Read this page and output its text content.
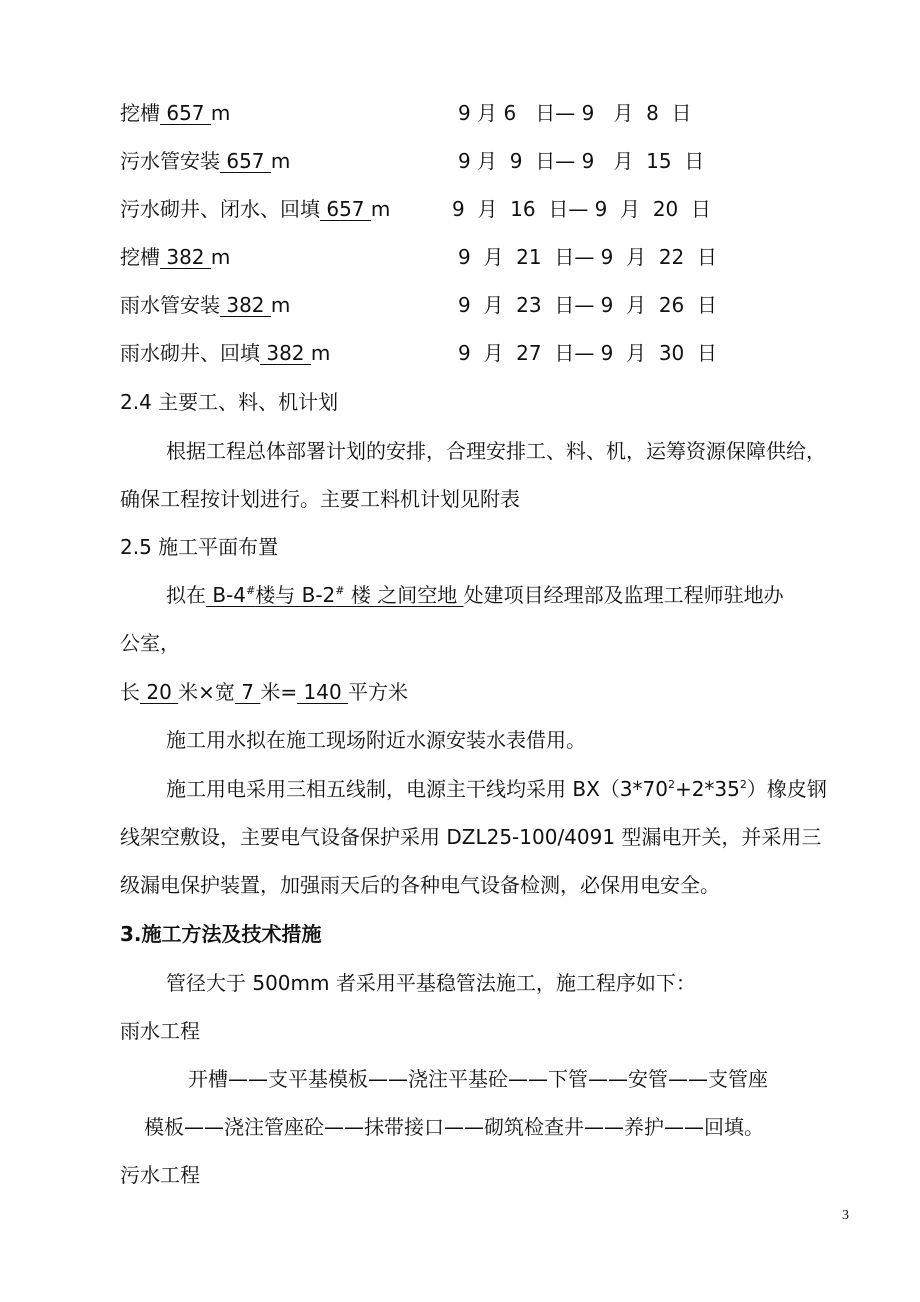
挖槽 657 m	9 月 6   日— 9   月  8  日
污水管安装 657 m	9 月  9  日— 9   月  15  日
污水砌井、闭水、回填 657 m	9  月  16  日— 9  月  20  日
挖槽 382 m	9  月  21  日— 9  月  22  日
雨水管安装 382 m	9  月  23  日— 9  月  26  日
雨水砌井、回填 382 m	9  月  27  日— 9  月  30  日
2.4 主要工、料、机计划
根据工程总体部署计划的安排，合理安排工、料、机，运筹资源保障供给，
确保工程按计划进行。主要工料机计划见附表
2.5 施工平面布置
拟在 B-4#楼与 B-2# 楼 之间空地 处建项目经理部及监理工程师驻地办
公室，
长 20 米×宽 7 米= 140 平方米
施工用水拟在施工现场附近水源安装水表借用。
施工用电采用三相五线制，电源主干线均采用 $BX(3*70^2+2*35^2)$橡皮钢
线架空敷设，主要电气设备保护采用 DZL25-100/4091 型漏电开关，并采用三
级漏电保护装置，加强雨天后的各种电气设备检测，必保用电安全。
3.施工方法及技术措施
管径大于 500mm 者采用平基稳管法施工，施工程序如下：
雨水工程
开槽——支平基模板——浇注平基砼——下管——安管——支管座
模板——浇注管座砼——抹带接口——砌筑检查井——养护——回填。
污水工程
3
